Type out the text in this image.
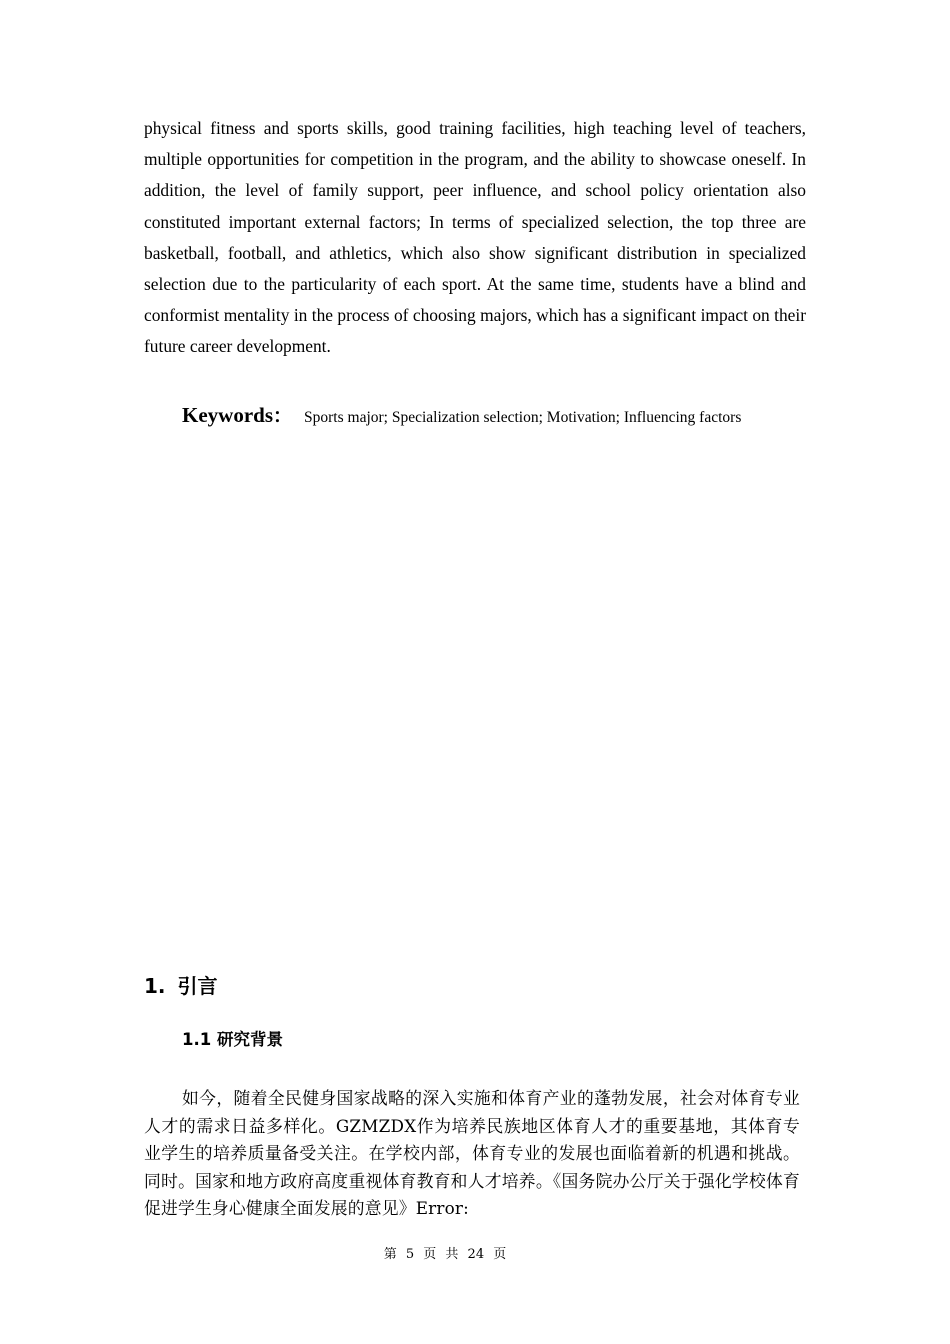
physical fitness and sports skills, good training facilities, high teaching level of teachers, multiple opportunities for competition in the program, and the ability to showcase oneself. In addition, the level of family support, peer influence, and school policy orientation also constituted important external factors; In terms of specialized selection, the top three are basketball, football, and athletics, which also show significant distribution in specialized selection due to the particularity of each sport. At the same time, students have a blind and conformist mentality in the process of choosing majors, which has a significant impact on their future career development.

Keywords： Sports major; Specialization selection; Motivation; Influencing factors
1. 引言
1.1 研究背景

如今，随着全民健身国家战略的深入实施和体育产业的蓬勃发展，社会对体育专业人才的需求日益多样化。GZMZDX作为培养民族地区体育人才的重要基地，其体育专业学生的培养质量备受关注。在学校内部，体育专业的发展也面临着新的机遇和挑战。同时。国家和地方政府高度重视体育教育和人才培养。《国务院办公厅关于强化学校体育促进学生身心健康全面发展的意见》Error:

第 5 页 共 24 页
